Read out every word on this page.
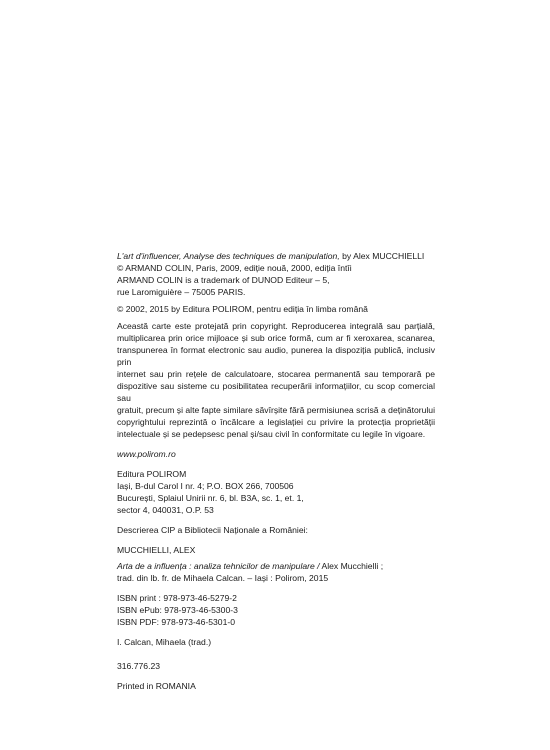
L'art d'influencer, Analyse des techniques de manipulation, by Alex MUCCHIELLI
© ARMAND COLIN, Paris, 2009, ediție nouă, 2000, ediția întîi
ARMAND COLIN is a trademark of DUNOD Editeur – 5,
rue Laromiguière – 75005 PARIS.
© 2002, 2015 by Editura POLIROM, pentru ediția în limba română
Această carte este protejată prin copyright. Reproducerea integrală sau parțială,
multiplicarea prin orice mijloace și sub orice formă, cum ar fi xeroxarea, scanarea,
transpunerea în format electronic sau audio, punerea la dispoziția publică, inclusiv prin
internet sau prin rețele de calculatoare, stocarea permanentă sau temporară pe
dispozitive sau sisteme cu posibilitatea recuperării informațiilor, cu scop comercial sau
gratuit, precum și alte fapte similare săvîrșite fără permisiunea scrisă a deținătorului
copyrightului reprezintă o încălcare a legislației cu privire la protecția proprietății
intelectuale și se pedepsesc penal și/sau civil în conformitate cu legile în vigoare.
www.polirom.ro
Editura POLIROM
Iași, B-dul Carol I nr. 4; P.O. BOX 266, 700506
București, Splaiul Unirii nr. 6, bl. B3A, sc. 1, et. 1,
sector 4, 040031, O.P. 53
Descrierea CIP a Bibliotecii Naționale a României:
MUCCHIELLI, ALEX
Arta de a influența : analiza tehnicilor de manipulare / Alex Mucchielli ;
trad. din lb. fr. de Mihaela Calcan. – Iași : Polirom, 2015
ISBN print : 978-973-46-5279-2
ISBN ePub: 978-973-46-5300-3
ISBN PDF: 978-973-46-5301-0
I. Calcan, Mihaela (trad.)
316.776.23
Printed in ROMANIA
